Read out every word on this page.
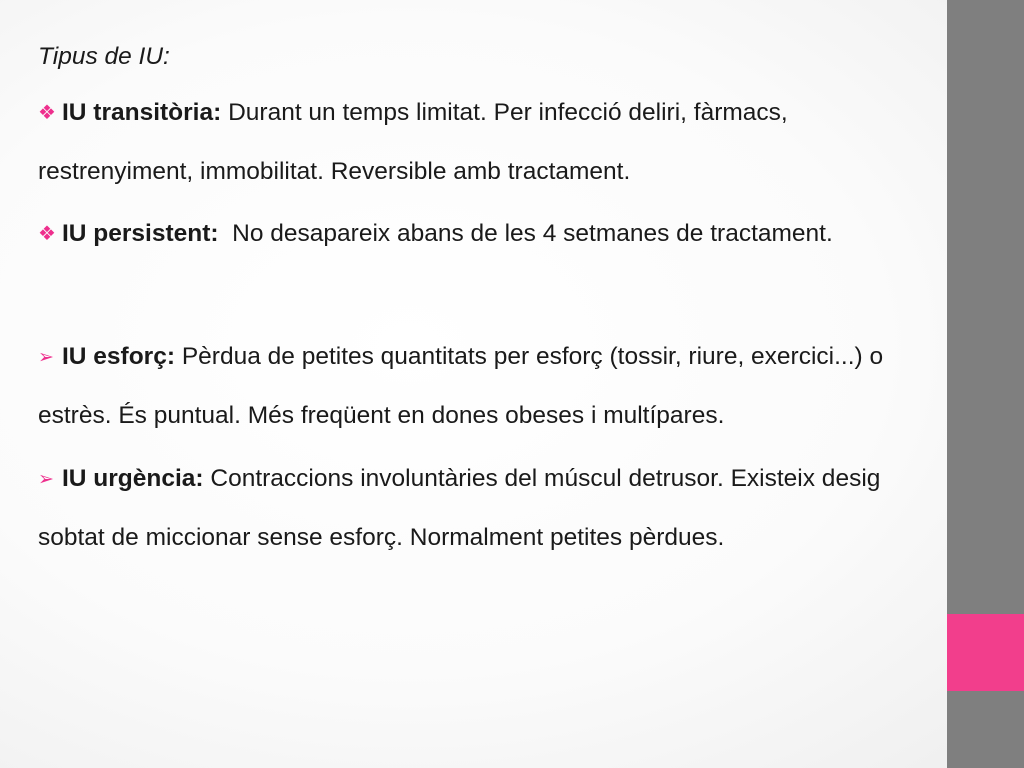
Tipus de IU:
❖ IU transitòria: Durant un temps limitat. Per infecció deliri, fàrmacs, restrenyiment, immobilitat. Reversible amb tractament.
❖ IU persistent:  No desapareix abans de les 4 setmanes de tractament.
➢ IU esforç: Pèrdua de petites quantitats per esforç (tossir, riure, exercici...) o estrès. És puntual. Més freqüent en dones obeses i multípares.
➢ IU urgència: Contraccions involuntàries del múscul detrusor. Existeix desig sobtat de miccionar sense esforç. Normalment petites pèrdues.
